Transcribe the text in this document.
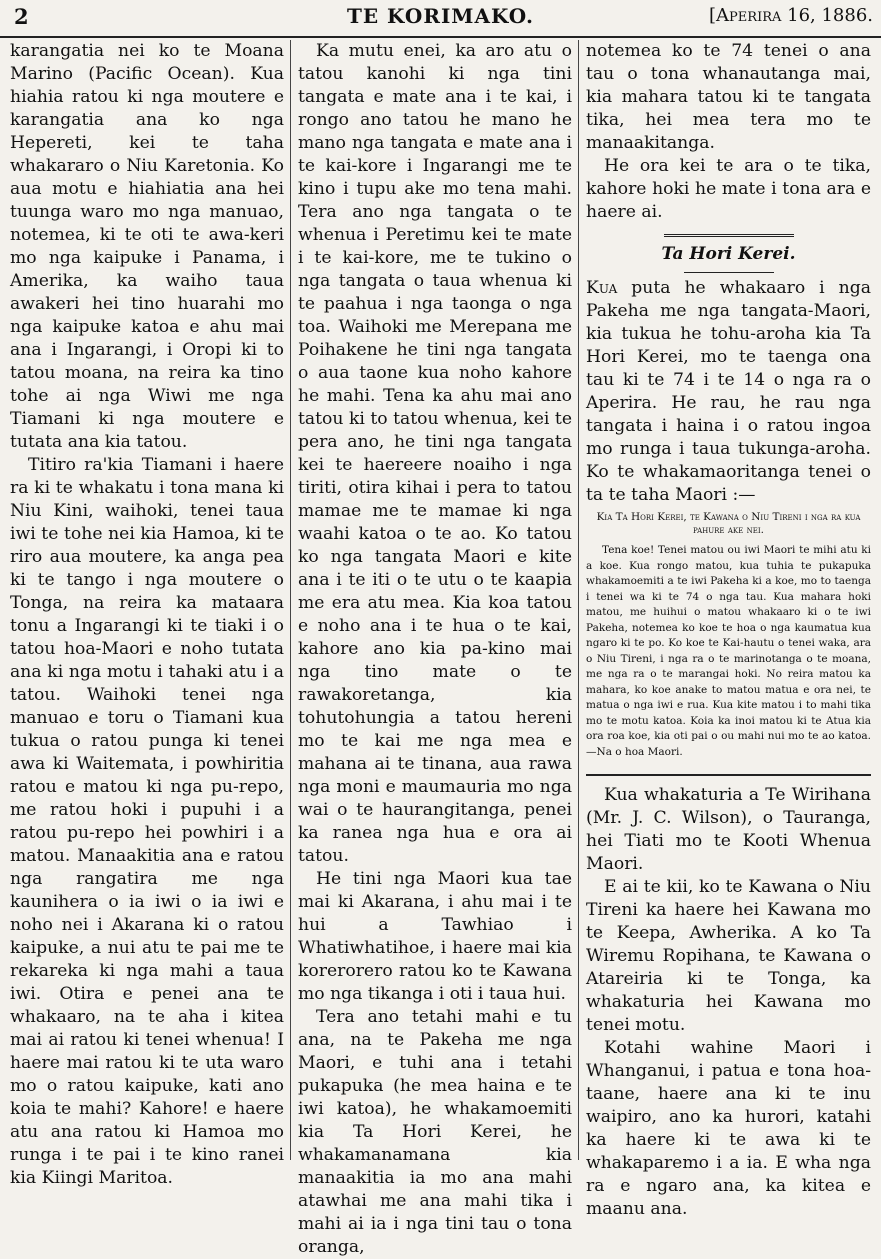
2	TE KORIMAKO.	[Aperira 16, 1886.

karangatia nei ko te Moana Marino (Pacific Ocean). Kua hiahia ratou ki nga moutere e karangatia ana ko nga Hepereti, kei te taha whakararo o Niu Karetonia. Ko aua motu e hiahiatia ana hei tuunga waro mo nga manuao, notemea, ki te oti te awa-keri mo nga kaipuke i Panama, i Amerika, ka waiho taua awakeri hei tino huarahi mo nga kaipuke katoa e ahu mai ana i Ingarangi, i Oropi ki to tatou moana, na reira ka tino tohe ai nga Wiwi me nga Tiamani ki nga moutere e tutata ana kia tatou.

Titiro ra'kia Tiamani i haere ra ki te whakatu i tona mana ki Niu Kini, waihoki, tenei taua iwi te tohe nei kia Hamoa, ki te riro aua moutere, ka anga pea ki te tango i nga moutere o Tonga, na reira ka mataara tonu a Ingarangi ki te tiaki i o tatou hoa-Maori e noho tutata ana ki nga motu i tahaki atu i a tatou. Waihoki tenei nga manuao e toru o Tiamani kua tukua o ratou punga ki tenei awa ki Waitemata, i powhiritia ratou e matou ki nga pu-repo, me ratou hoki i pupuhi i a ratou pu-repo hei powhiri i a matou. Manaakitia ana e ratou nga rangatira me nga kaunihera o ia iwi o ia iwi e noho nei i Akarana ki o ratou kaipuke, a nui atu te pai me te rekareka ki nga mahi a taua iwi. Otira e penei ana te whakaaro, na te aha i kitea mai ai ratou ki tenei whenua! I haere mai ratou ki te uta waro mo o ratou kaipuke, kati ano koia te mahi? Kahore! e haere atu ana ratou ki Hamoa mo runga i te pai i te kino ranei kia Kiingi Maritoa.

Ka mutu enei, ka aro atu o tatou kanohi ki nga tini tangata e mate ana i te kai, i rongo ano tatou he mano he mano nga tangata e mate ana i te kai-kore i Ingarangi me te kino i tupu ake mo tena mahi. Tera ano nga tangata o te whenua i Peretimu kei te mate i te kai-kore, me te tukino o nga tangata o taua whenua ki te paahua i nga taonga o nga toa. Waihoki me Merepana me Poihakene he tini nga tangata o aua taone kua noho kahore he mahi. Tena ka ahu mai ano tatou ki to tatou whenua, kei te pera ano, he tini nga tangata kei te haereere noaiho i nga tiriti, otira kihai i pera to tatou mamae me te mamae ki nga waahi katoa o te ao. Ko tatou ko nga tangata Maori e kite ana i te iti o te utu o te kaapia me era atu mea. Kia koa tatou e noho ana i te hua o te kai, kahore ano kia pa-kino mai nga tino mate o te rawakoretanga, kia tohutohungia a tatou hereni mo te kai me nga mea e mahana ai te tinana, aua rawa nga moni e maumauria mo nga wai o te haurangitanga, penei ka ranea nga hua e ora ai tatou.

He tini nga Maori kua tae mai ki Akarana, i ahu mai i te hui a Tawhiao i Whatiwhatihoe, i haere mai kia korerorero ratou ko te Kawana mo nga tikanga i oti i taua hui.

Tera ano tetahi mahi e tu ana, na te Pakeha me nga Maori, e tuhi ana i tetahi pukapuka (he mea haina e te iwi katoa), he whakamoemiti kia Ta Hori Kerei, he whakamanamana kia manaakitia ia mo ana mahi atawhai me ana mahi tika i mahi ai ia i nga tini tau o tona oranga,

notemea ko te 74 tenei o ana tau o tona whanautanga mai, kia mahara tatou ki te tangata tika, hei mea tera mo te manaakitanga.

He ora kei te ara o te tika, kahore hoki he mate i tona ara e haere ai.

Ta Hori Kerei.

Kua puta he whakaaro i nga Pakeha me nga tangata-Maori, kia tukua he tohu-aroha kia Ta Hori Kerei, mo te taenga ona tau ki te 74 i te 14 o nga ra o Aperira. He rau, he rau nga tangata i haina i o ratou ingoa mo runga i taua tukunga-aroha. Ko te whakamaoritanga tenei o ta te taha Maori :—

Kia Ta Hori Kerei, te Kawana o Niu Tireni i nga ra kua pahure ake nei.

Tena koe! Tenei matou ou iwi Maori te mihi atu ki a koe. Kua rongo matou, kua tuhia te pukapuka whakamoemiti a te iwi Pakeha ki a koe, mo to taenga i tenei wa ki te 74 o nga tau. Kua mahara hoki matou, me huihui o matou whakaaro ki o te iwi Pakeha, notemea ko koe te hoa o nga kaumatua kua ngaro ki te po. Ko koe te Kai-hautu o tenei waka, ara o Niu Tireni, i nga ra o te marinotanga o te moana, me nga ra o te marangai hoki. No reira matou ka mahara, ko koe anake to matou matua e ora nei, te matua o nga iwi e rua. Kua kite matou i to mahi tika mo te motu katoa. Koia ka inoi matou ki te Atua kia ora roa koe, kia oti pai o ou mahi nui mo te ao katoa.—Na o hoa Maori.

Kua whakaturia a Te Wirihana (Mr. J. C. Wilson), o Tauranga, hei Tiati mo te Kooti Whenua Maori.

E ai te kii, ko te Kawana o Niu Tireni ka haere hei Kawana mo te Keepa, Awherika. A ko Ta Wiremu Ropihana, te Kawana o Atareiria ki te Tonga, ka whakaturia hei Kawana mo tenei motu.

Kotahi wahine Maori i Whanganui, i patua e tona hoa-taane, haere ana ki te inu waipiro, ano ka hurori, katahi ka haere ki te awa ki te whakaparemo i a ia. E wha nga ra e ngaro ana, ka kitea e maanu ana.
